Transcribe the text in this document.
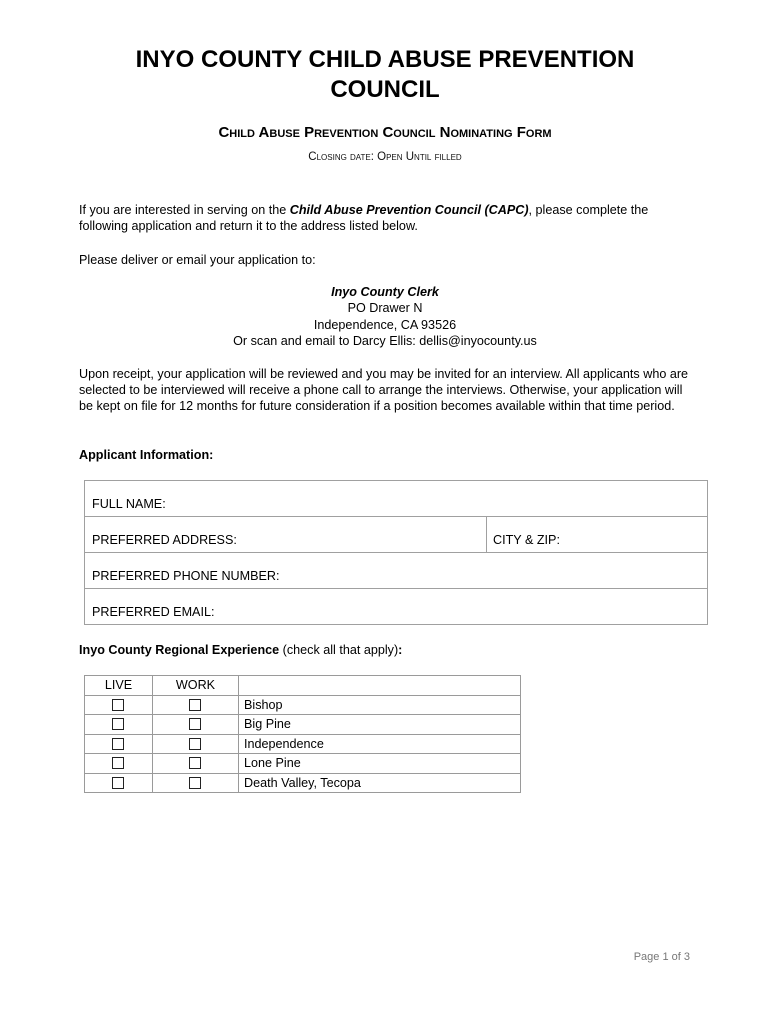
INYO COUNTY CHILD ABUSE PREVENTION
COUNCIL
Child Abuse Prevention Council Nominating Form
Closing date: Open Until filled
If you are interested in serving on the Child Abuse Prevention Council (CAPC), please complete the following application and return it to the address listed below.
Please deliver or email your application to:
Inyo County Clerk
PO Drawer N
Independence, CA 93526
Or scan and email to Darcy Ellis: dellis@inyocounty.us
Upon receipt, your application will be reviewed and you may be invited for an interview. All applicants who are selected to be interviewed will receive a phone call to arrange the interviews. Otherwise, your application will be kept on file for 12 months for future consideration if a position becomes available within that time period.
Applicant Information:
FULL NAME:
PREFERRED ADDRESS:	CITY & ZIP:
PREFERRED PHONE NUMBER:
PREFERRED EMAIL:
Inyo County Regional Experience (check all that apply):
LIVE	WORK
Bishop
Big Pine
Independence
Lone Pine
Death Valley, Tecopa
Page 1 of 3
